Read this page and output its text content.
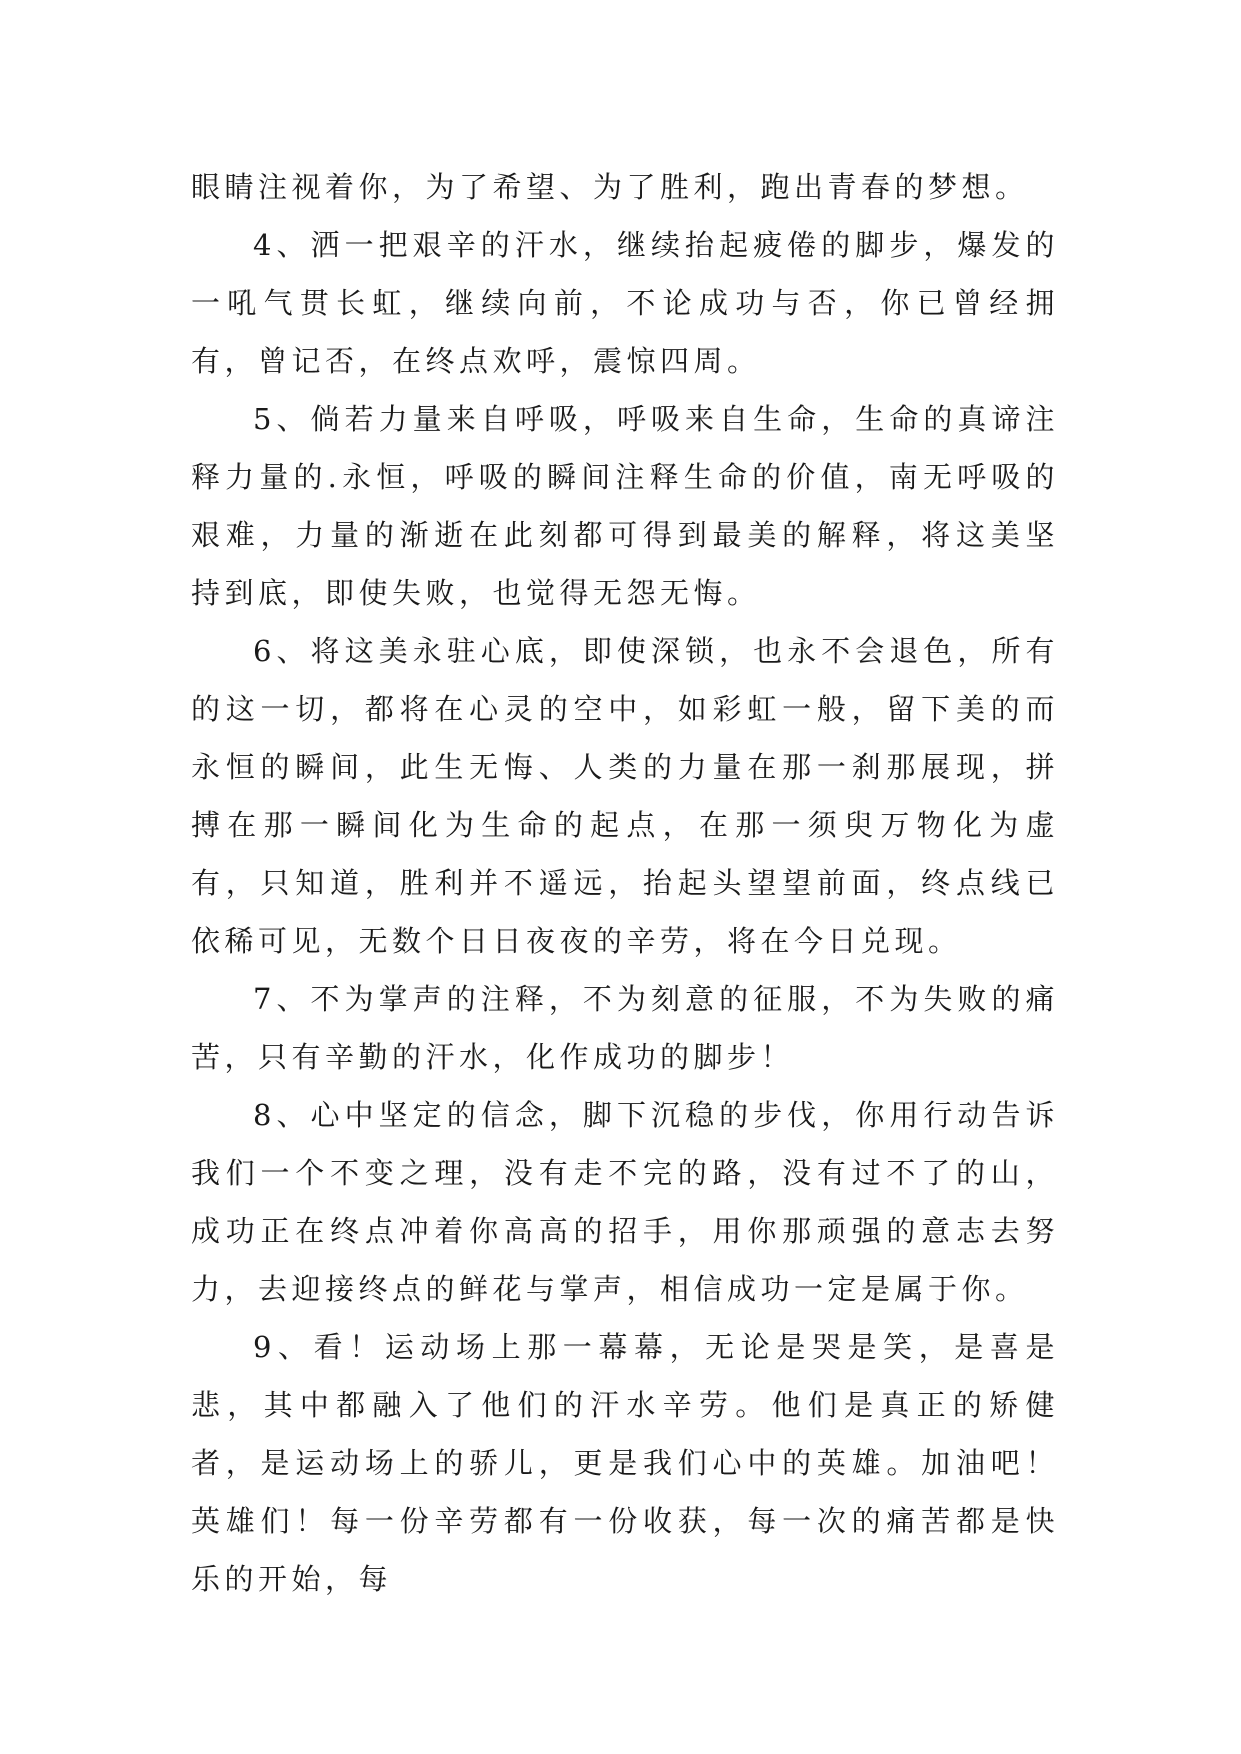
眼睛注视着你，为了希望、为了胜利，跑出青春的梦想。

4、洒一把艰辛的汗水，继续抬起疲倦的脚步，爆发的一吼气贯长虹，继续向前，不论成功与否，你已曾经拥有，曾记否，在终点欢呼，震惊四周。

5、倘若力量来自呼吸，呼吸来自生命，生命的真谛注释力量的.永恒，呼吸的瞬间注释生命的价值，南无呼吸的艰难，力量的渐逝在此刻都可得到最美的解释，将这美坚持到底，即使失败，也觉得无怨无悔。

6、将这美永驻心底，即使深锁，也永不会退色，所有的这一切，都将在心灵的空中，如彩虹一般，留下美的而永恒的瞬间，此生无悔、人类的力量在那一刹那展现，拼搏在那一瞬间化为生命的起点，在那一须臾万物化为虚有，只知道，胜利并不遥远，抬起头望望前面，终点线已依稀可见，无数个日日夜夜的辛劳，将在今日兑现。

7、不为掌声的注释，不为刻意的征服，不为失败的痛苦，只有辛勤的汗水，化作成功的脚步！

8、心中坚定的信念，脚下沉稳的步伐，你用行动告诉我们一个不变之理，没有走不完的路，没有过不了的山，成功正在终点冲着你高高的招手，用你那顽强的意志去努力，去迎接终点的鲜花与掌声，相信成功一定是属于你。

9、看！运动场上那一幕幕，无论是哭是笑，是喜是悲，其中都融入了他们的汗水辛劳。他们是真正的矫健者，是运动场上的骄儿，更是我们心中的英雄。加油吧！英雄们！每一份辛劳都有一份收获，每一次的痛苦都是快乐的开始，每
